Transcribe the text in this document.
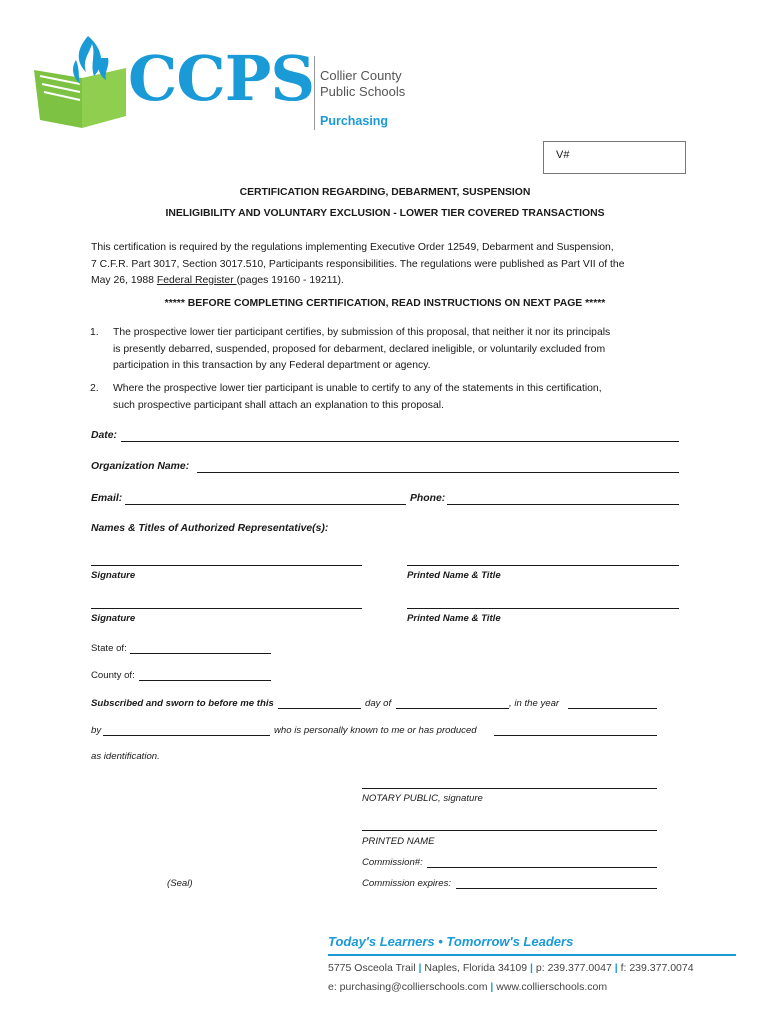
CCPS Collier County
Public Schools
Purchasing
V#
CERTIFICATION REGARDING, DEBARMENT, SUSPENSION
INELIGIBILITY AND VOLUNTARY EXCLUSION - LOWER TIER COVERED TRANSACTIONS
This certification is required by the regulations implementing Executive Order 12549, Debarment and Suspension,
7 C.F.R. Part 3017, Section 3017.510, Participants responsibilities. The regulations were published as Part VII of the
May 26, 1988 Federal Register (pages 19160 - 19211).
***** BEFORE COMPLETING CERTIFICATION, READ INSTRUCTIONS ON NEXT PAGE *****
1. The prospective lower tier participant certifies, by submission of this proposal, that neither it nor its principals
is presently debarred, suspended, proposed for debarment, declared ineligible, or voluntarily excluded from
participation in this transaction by any Federal department or agency.
2. Where the prospective lower tier participant is unable to certify to any of the statements in this certification,
such prospective participant shall attach an explanation to this proposal.
Date:
Organization Name:
Email:	Phone:
Names & Titles of Authorized Representative(s):
Signature	Printed Name & Title
Signature	Printed Name & Title
State of:
County of:
Subscribed and sworn to before me this	day of	, in the year
by	who is personally known to me or has produced
as identification.
NOTARY PUBLIC, signature
PRINTED NAME
Commission#:
(Seal)	Commission expires:
Today's Learners • Tomorrow's Leaders
5775 Osceola Trail | Naples, Florida 34109 | p: 239.377.0047 | f: 239.377.0074
e: purchasing@collierschools.com | www.collierschools.com
